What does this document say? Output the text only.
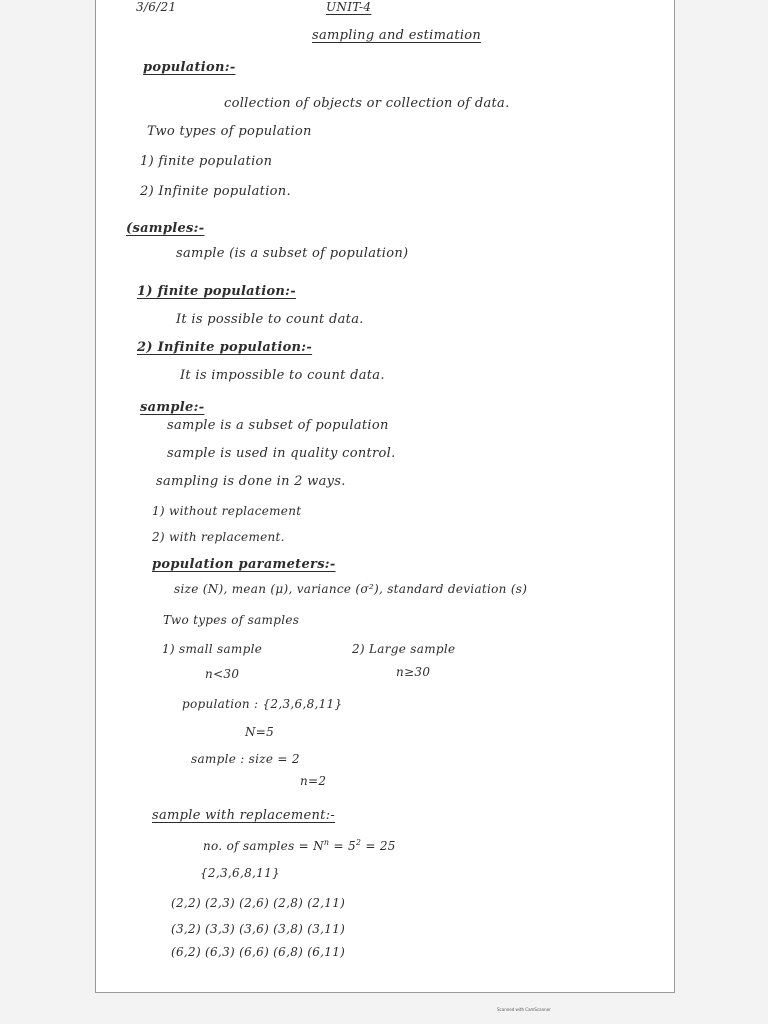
3/6/21	UNIT-4
sampling and estimation
population:-
collection of objects or collection of data.
Two types of population
1) finite population
2) Infinite population.
(samples:-
sample (is a subset of population)
1) finite population:-
It is possible to count data.
2) Infinite population:-
It is impossible to count data.
sample:-
sample is a subset of population
sample is used in quality control.
sampling is done in 2 ways.
1) without replacement
2) with replacement.
population parameters:-
size (N), mean (μ), variance (σ²), standard deviation (s)
Two types of samples
1) small sample	2) Large sample
n<30	n≥30
population : {2,3,6,8,11}
N=5
sample : size = 2
n=2
sample with replacement:-
no. of samples = $N^n = 5^2 = 25$
{2,3,6,8,11}
(2,2) (2,3) (2,6) (2,8) (2,11)
(3,2) (3,3) (3,6) (3,8) (3,11)
(6,2) (6,3) (6,6) (6,8) (6,11)
Scanned with CamScanner
